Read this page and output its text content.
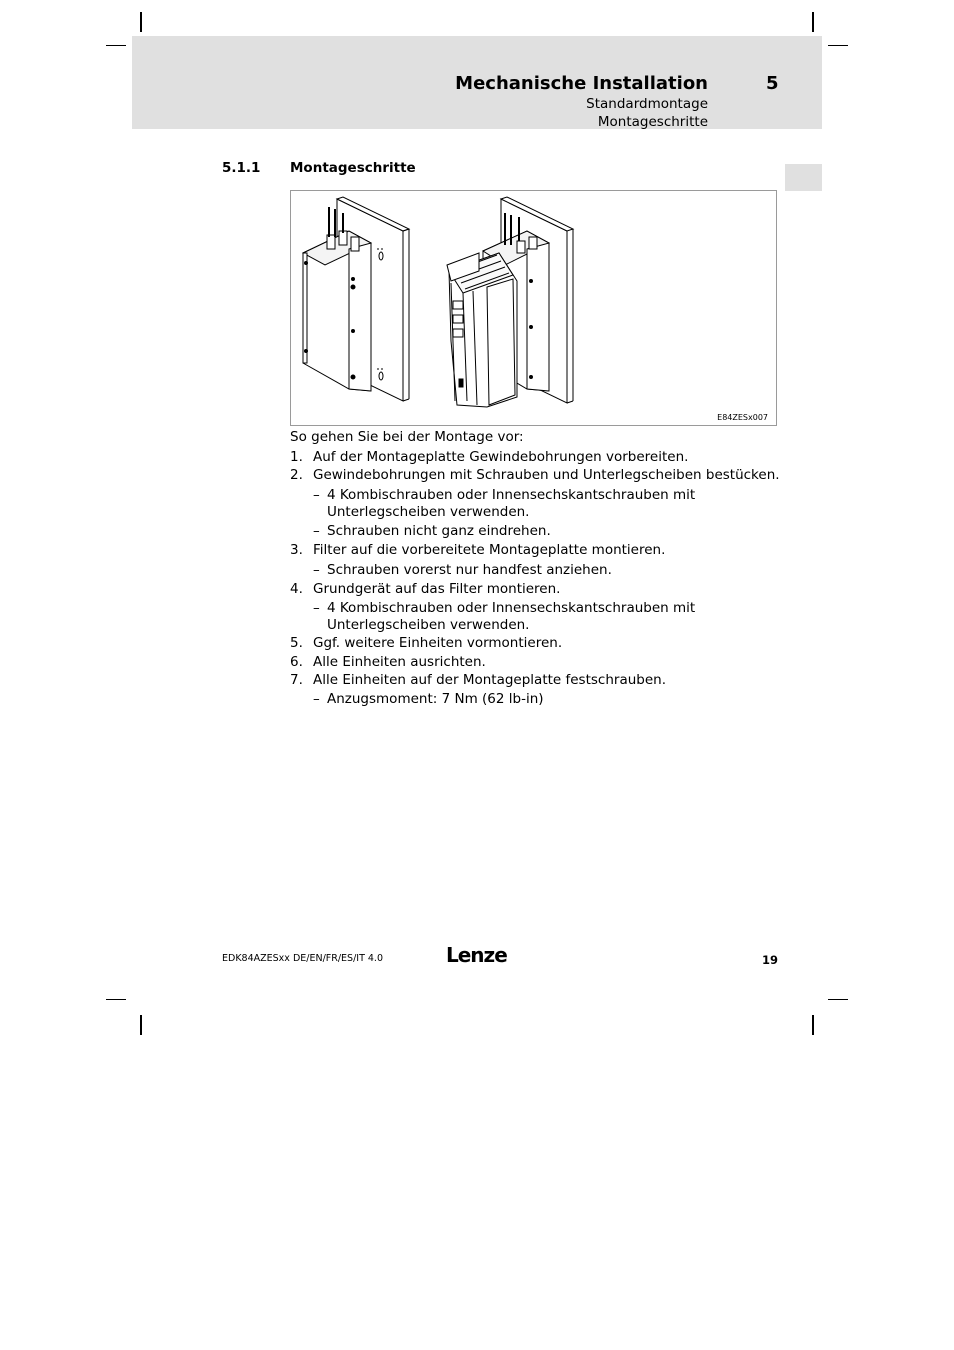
Mechanische Installation	5
Standardmontage
Montageschritte
5.1.1 Montageschritte
E84ZESx007
So gehen Sie bei der Montage vor:
1. Auf der Montageplatte Gewindebohrungen vorbereiten.
2. Gewindebohrungen mit Schrauben und Unterlegscheiben bestücken.
– 4 Kombischrauben oder Innensechskantschrauben mit
Unterlegscheiben verwenden.
– Schrauben nicht ganz eindrehen.
3. Filter auf die vorbereitete Montageplatte montieren.
– Schrauben vorerst nur handfest anziehen.
4. Grundgerät auf das Filter montieren.
– 4 Kombischrauben oder Innensechskantschrauben mit
Unterlegscheiben verwenden.
5. Ggf. weitere Einheiten vormontieren.
6. Alle Einheiten ausrichten.
7. Alle Einheiten auf der Montageplatte festschrauben.
– Anzugsmoment: 7 Nm (62 lb-in)
EDK84AZESxx DE/EN/FR/ES/IT 4.0	Lenze	19
